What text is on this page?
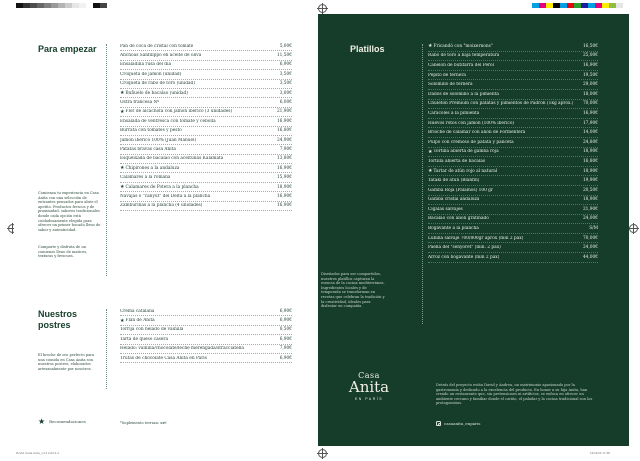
Para empezar	Pan de coca de cristal con tomate	5,00€
Anchoas Sanfilippo en aceite de oliva	11,50€
Ensaladilla rusa del día	6,90€
Croqueta de jamón (unidad)	3,50€
Croqueta de rabo de toro (unidad)	3,50€
★ Buñuelo de bacalao (unidad)	3,00€
Ostra francesa Nº	6,00€
★ Flor de alcachofa con jamón ibérico (3 unidades)	21,90€
Ensalada de ventresca con tomate y cebolla	16,90€
Burrata con tomates y pesto	16,80€
Jamón ibérico 100% (Juan Manuel)	24,90€
Patatas bravas casa Anita	7,90€
Esqueixada de bacalao con aceitunas Kalamata	13,80€
★ Chipirones a la andaluza	16,90€
Calamares a la romana	15,90€
★ Calamares de Potera a la plancha	18,90€
Navajas o "canyut" del Delta a la plancha	16,90€
Zamburiñas a la plancha (4 unidades)	16,90€
Comienza tu experiencia en Casa Anita con una selección de entrantes pensados para abrir el apetito. Productos frescos y de proximidad, sabores tradicionales donde cada opción está cuidadosamente elegida para ofrecer un primer bocado lleno de sabor y autenticidad.
Comparte y disfruta de un comienzo lleno de matices, texturas y frescura.
Nuestros
postres
Crema catalana	6,90€
★ Flan de Anita	6,90€
Torrija con helado de vainilla	8,50€
Tarta de queso casera	6,90€
Helado: vainilla/chocolate/leche merengada/stracciatella	7,90€
Trufas de chocolate Casa Anita en París	6,90€
El broche de oro perfecto para una comida en Casa Anita son nuestros postres, elaborados artesanalmente por nosotros.
★ Recomendaciones	*Suplemento terraza: xx€
Platillos	★ Fricandó con "moixernons"	16,50€
Rabo de toro a baja temperatura	25,00€
Canelón de butifarra del Perol	16,90€
Pepito de ternera	19,50€
Solomillo de ternera	29,00€
Dados de solomillo a la pimienta	18,00€
Chuletón Premium con patatas y pimientos de Padrón (1kg aprox.) 70,00€
Caracoles a la pimienta	16,90€
Huevos rotos con jamón (100% ibérico)	17,90€
Brioche de calamar con alioli de Formentera	14,00€
Pulpo con cremoso de patata y panceta	24,80€
★ Tortilla abierta de gamba roja	18,90€
Tortilla abierta de bacalao	16,80€
★ Tartar de atún rojo al natural	18,90€
Tataki de atún (Blanfin)	19,90€
Gamba Roja (Palamós) 100 gr	20,50€
Gamba cristal andaluza	18,90€
Cigalas salvajes	21,90€
Bacalao con alioli gratinado	24,00€
Bogavante a la plancha	S/M
Lubina salvaje 700/800gr aprox (min 2 pax)	70,00€
Paella del "senyoret" (mín. 2 pax)	24,00€
Arroz con bogavante (mín 2 pax)	44,00€
Diseñados para ser compartidos, nuestros platillos capturan la esencia de la cocina mediterránea. Ingredientes locales y de temporada se transforman en recetas que celebran la tradición y la creatividad, ideales para disfrutar en compañía.
Casa
Anita
EN PARÍS
Detrás del proyecto están David y Andrea, un matrimonio apasionado por la gastronomía y dedicado a la excelencia del producto. En honor a su hija Anita, han creado un restaurante que, sin pretensiones ni artificios, se enfoca en ofrecer un ambiente cercano y familiar donde el cariño, el paladar y la cocina tradicional son los protagonistas.
casaanita_enparis
DinA4 Carta Anita_v4 2.indd 3-4	12/11/24 17:48
